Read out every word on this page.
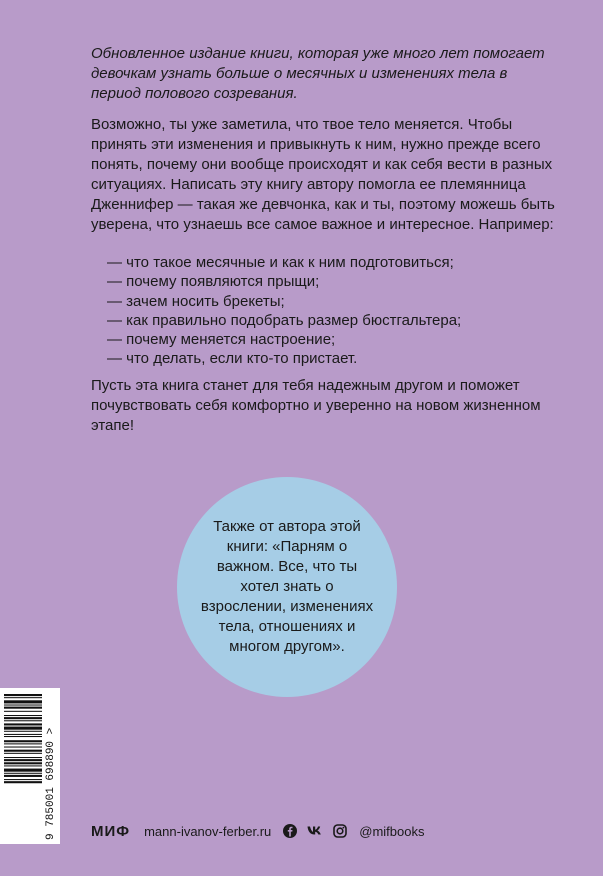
Обновленное издание книги, которая уже много лет помогает девочкам узнать больше о месячных и изменениях тела в период полового созревания.

Возможно, ты уже заметила, что твое тело меняется. Чтобы принять эти изменения и привыкнуть к ним, нужно прежде всего понять, почему они вообще происходят и как себя вести в разных ситуациях. Написать эту книгу автору помогла ее племянница Дженнифер — такая же девчонка, как и ты, поэтому можешь быть уверена, что узнаешь все самое важное и интересное. Например:

— что такое месячные и как к ним подготовиться;
— почему появляются прыщи;
— зачем носить брекеты;
— как правильно подобрать размер бюстгальтера;
— почему меняется настроение;
— что делать, если кто-то пристает.

Пусть эта книга станет для тебя надежным другом и поможет почувствовать себя комфортно и уверенно на новом жизненном этапе!

Также от автора этой книги: «Парням о важном. Все, что ты хотел знать о взрослении, изменениях тела, отношениях и многом другом».

9 785001 698890 > МИФ mann-ivanov-ferber.ru	@mifbooks
